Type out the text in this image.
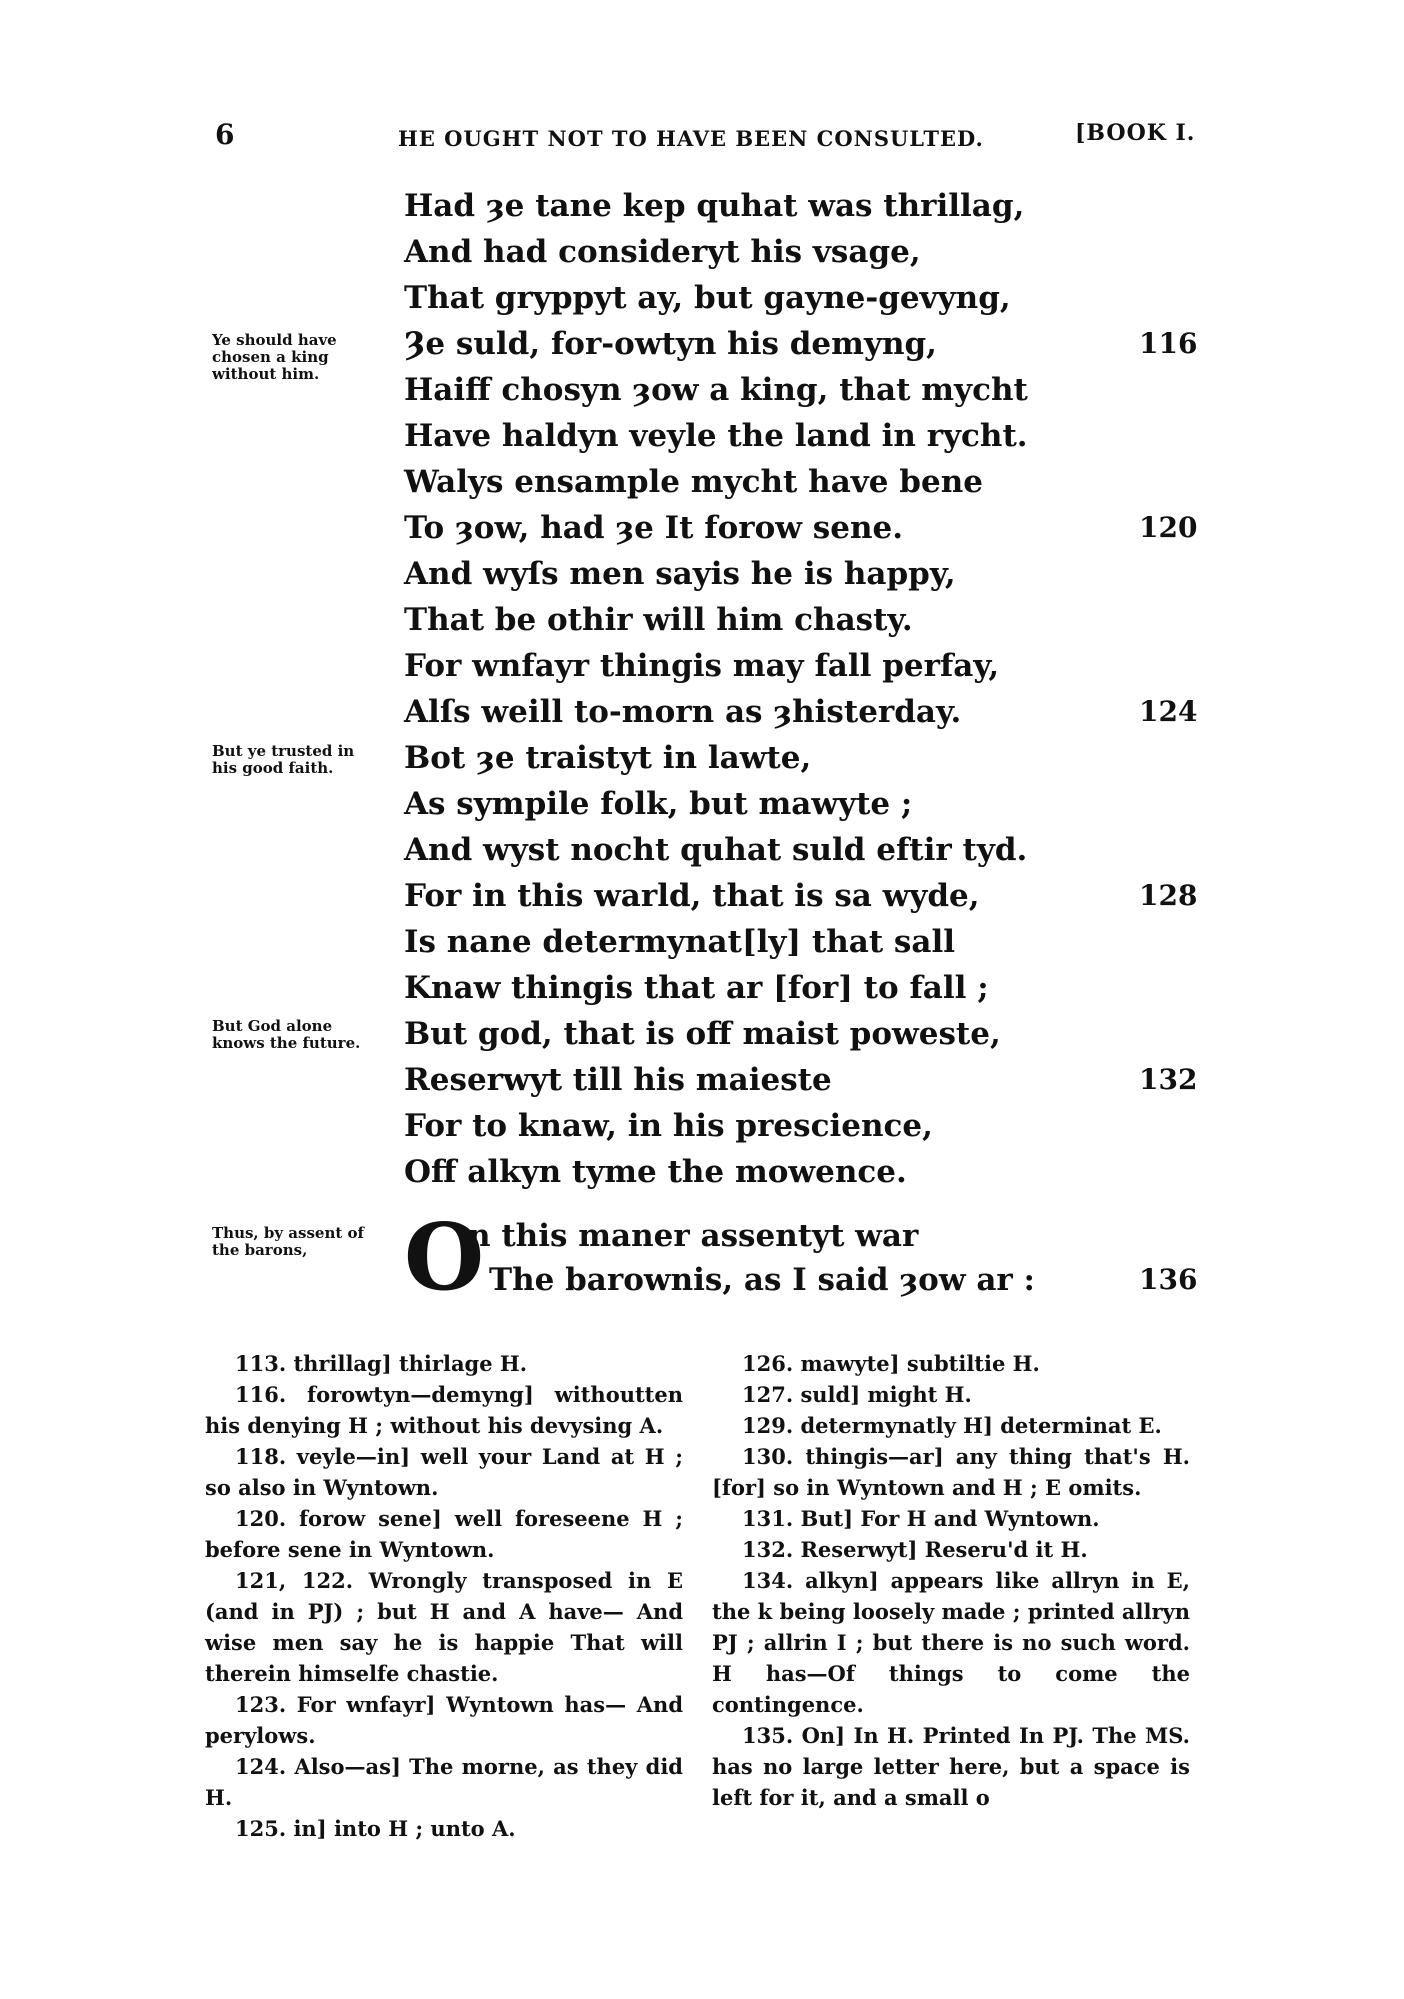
6	HE OUGHT NOT TO HAVE BEEN CONSULTED.	[BOOK I.
Ye should have chosen a king without him.
But ye trusted in his good faith.
But God alone knows the future.
Thus, by assent of the barons,
Had ȝe tane kep quhat was thrillag,
And had consideryt his vsage,
That gryppyt ay, but gayne-gevyng,
Ȝe suld, for-owtyn his demyng,	116
Haiff chosyn ȝow a king, that mycht
Have haldyn veyle the land in rycht.
Walys ensample mycht have bene
To ȝow, had ȝe It forow sene.	120
And wyſs men sayis he is happy,
That be othir will him chasty.
For wnfayr thingis may fall perfay,
Alſs weill to-morn as ȝhisterday.	124
Bot ȝe traistyt in lawte,
As sympile folk, but mawyte ;
And wyst nocht quhat suld eftir tyd.
For in this warld, that is sa wyde,	128
Is nane determynat[ly] that sall
Knaw thingis that ar [for] to fall ;
But god, that is off maist poweste,
Reserwyt till his maieste	132
For to knaw, in his prescience,
Off alkyn tyme the mowence.
O
n this maner assentyt war
The barownis, as I said ȝow ar :	136

113. thrillag] thirlage H.

116. forowtyn—demyng] withoutten his denying H ; without his devysing A.

118. veyle—in] well your Land at H ; so also in Wyntown.

120. forow sene] well foreseene H ; before sene in Wyntown.

121, 122. Wrongly transposed in E (and in PJ) ; but H and A have— And wise men say he is happie That will therein himselfe chastie.

123. For wnfayr] Wyntown has— And perylows.

124. Also—as] The morne, as they did H.

125. in] into H ; unto A.

126. mawyte] subtiltie H.

127. suld] might H.

129. determynatly H] determinat E.

130. thingis—ar] any thing that's H. [for] so in Wyntown and H ; E omits.

131. But] For H and Wyntown.

132. Reserwyt] Reseru'd it H.

134. alkyn] appears like allryn in E, the k being loosely made ; printed allryn PJ ; allrin I ; but there is no such word. H has—Of things to come the contingence.

135. On] In H. Printed In PJ. The MS. has no large letter here, but a space is left for it, and a small o
